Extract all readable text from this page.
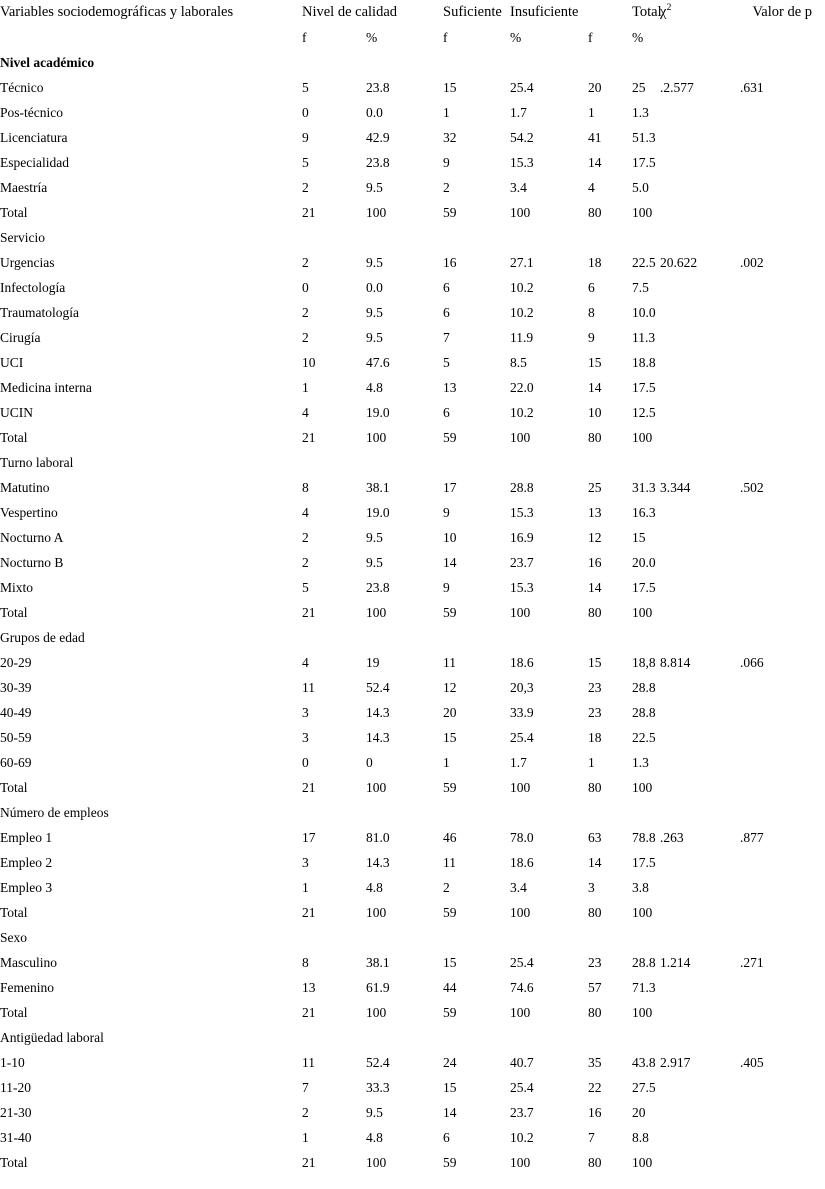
Variables sociodemográficas y laborales	Nivel de calidad		Suficiente	Insuficiente		Total	$\chi^2$	Valor de p
	f	%	f	%	f	%		
Nivel académico								
Técnico	5	23.8	15	25.4	20	25	.2.577	.631
Pos-técnico	0	0.0	1	1.7	1	1.3		
Licenciatura	9	42.9	32	54.2	41	51.3		
Especialidad	5	23.8	9	15.3	14	17.5		
Maestría	2	9.5	2	3.4	4	5.0		
Total	21	100	59	100	80	100		
Servicio								
Urgencias	2	9.5	16	27.1	18	22.5	20.622	.002
Infectología	0	0.0	6	10.2	6	7.5		
Traumatología	2	9.5	6	10.2	8	10.0		
Cirugía	2	9.5	7	11.9	9	11.3		
UCI	10	47.6	5	8.5	15	18.8		
Medicina interna	1	4.8	13	22.0	14	17.5		
UCIN	4	19.0	6	10.2	10	12.5		
Total	21	100	59	100	80	100		
Turno laboral								
Matutino	8	38.1	17	28.8	25	31.3	3.344	.502
Vespertino	4	19.0	9	15.3	13	16.3		
Nocturno A	2	9.5	10	16.9	12	15		
Nocturno B	2	9.5	14	23.7	16	20.0		
Mixto	5	23.8	9	15.3	14	17.5		
Total	21	100	59	100	80	100		
Grupos de edad								
20-29	4	19	11	18.6	15	18,8	8.814	.066
30-39	11	52.4	12	20,3	23	28.8		
40-49	3	14.3	20	33.9	23	28.8		
50-59	3	14.3	15	25.4	18	22.5		
60-69	0	0	1	1.7	1	1.3		
Total	21	100	59	100	80	100		
Número de empleos								
Empleo 1	17	81.0	46	78.0	63	78.8	.263	.877
Empleo 2	3	14.3	11	18.6	14	17.5		
Empleo 3	1	4.8	2	3.4	3	3.8		
Total	21	100	59	100	80	100		
Sexo								
Masculino	8	38.1	15	25.4	23	28.8	1.214	.271
Femenino	13	61.9	44	74.6	57	71.3		
Total	21	100	59	100	80	100		
Antigüedad laboral								
1-10	11	52.4	24	40.7	35	43.8	2.917	.405
11-20	7	33.3	15	25.4	22	27.5		
21-30	2	9.5	14	23.7	16	20		
31-40	1	4.8	6	10.2	7	8.8		
Total	21	100	59	100	80	100		
